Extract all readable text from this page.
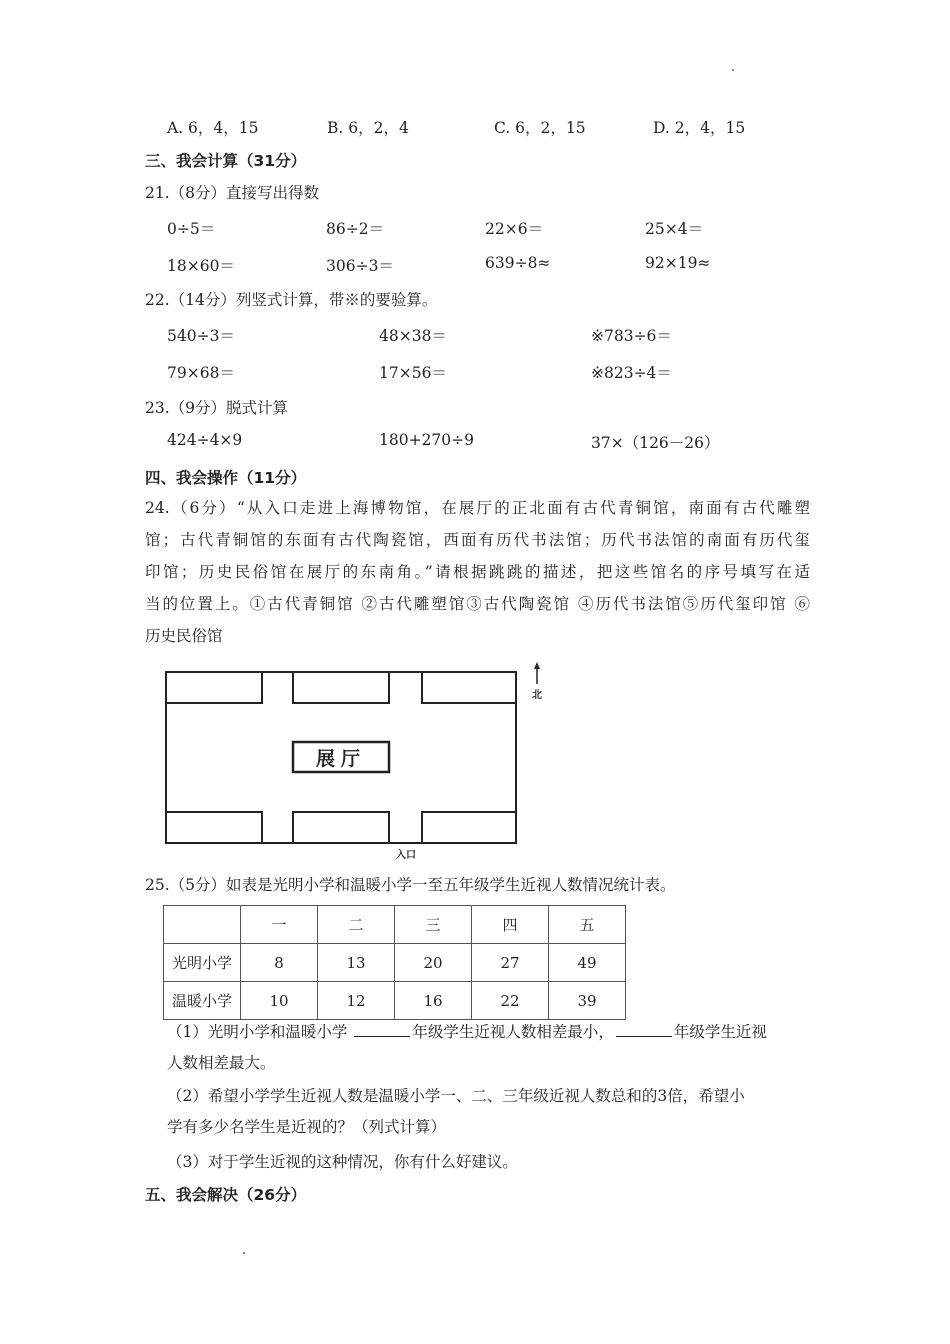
A. 6，4，15	B. 6，2，4	C. 6，2，15	D. 2，4，15
三、我会计算（31分）
21.（8分）直接写出得数
0÷5＝	86÷2＝	22×6＝	25×4＝
18×60＝	306÷3＝	639÷8≈	92×19≈
22.（14分）列竖式计算，带※的要验算。
540÷3＝	48×38＝	※783÷6＝
79×68＝	17×56＝	※823÷4＝
23.（9分）脱式计算
424÷4×9	180+270÷9	37×（126－26）
四、我会操作（11分）
24.（6分）“从入口走进上海博物馆，在展厅的正北面有古代青铜馆，南面有古代雕塑
馆；古代青铜馆的东面有古代陶瓷馆，西面有历代书法馆；历代书法馆的南面有历代玺
印馆；历史民俗馆在展厅的东南角。”请根据跳跳的描述，把这些馆名的序号填写在适
当的位置上。①古代青铜馆 ②古代雕塑馆③古代陶瓷馆 ④历代书法馆⑤历代玺印馆 ⑥
历史民俗馆
展厅
北
入口
25.（5分）如表是光明小学和温暖小学一至五年级学生近视人数情况统计表。
	一	二	三	四	五
光明小学	8	13	20	27	49
温暖小学	10	12	16	22	39
（1）光明小学和温暖小学	年级学生近视人数相差最小，	年级学生近视
人数相差最大。
（2）希望小学学生近视人数是温暖小学一、二、三年级近视人数总和的3倍，希望小
学有多少名学生是近视的？（列式计算）
（3）对于学生近视的这种情况，你有什么好建议。
五、我会解决（26分）
